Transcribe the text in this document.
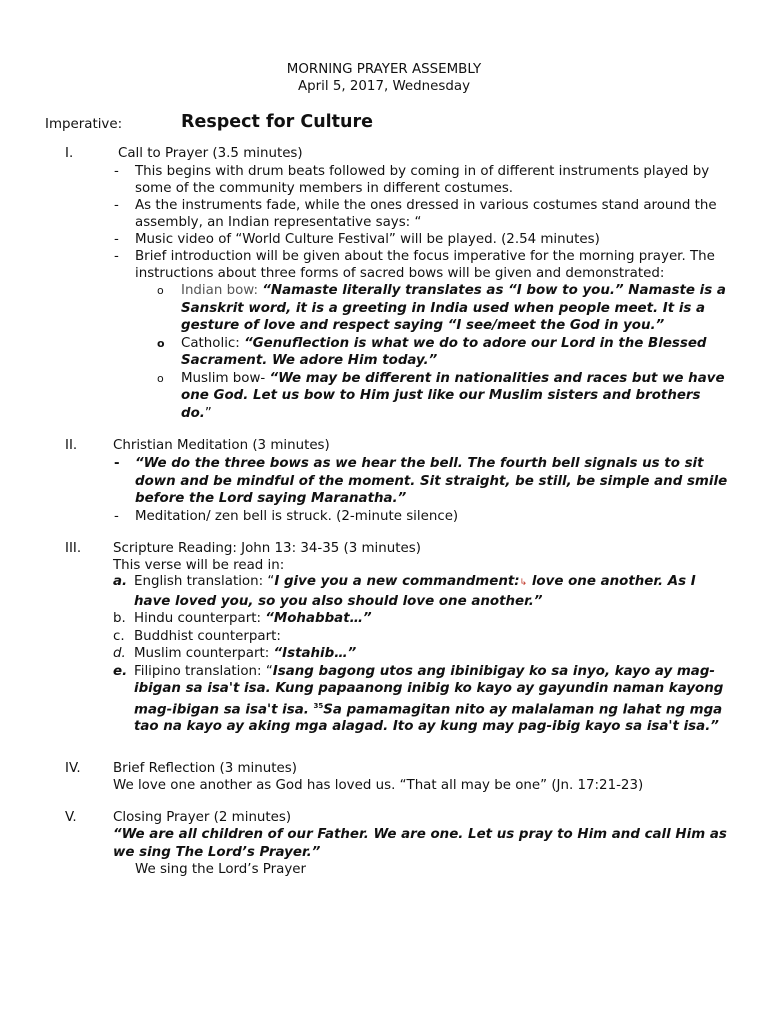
MORNING PRAYER ASSEMBLY
April 5, 2017, Wednesday
Imperative:	Respect for Culture
I.	Call to Prayer (3.5 minutes)
- This begins with drum beats followed by coming in of different instruments played by some of the community members in different costumes.
- As the instruments fade, while the ones dressed in various costumes stand around the assembly, an Indian representative says: “
- Music video of “World Culture Festival” will be played. (2.54 minutes)
- Brief introduction will be given about the focus imperative for the morning prayer. The instructions about three forms of sacred bows will be given and demonstrated:
o Indian bow: “Namaste literally translates as “I bow to you.” Namaste is a Sanskrit word, it is a greeting in India used when people meet. It is a gesture of love and respect saying “I see/meet the God in you.”
o Catholic: “Genuflection is what we do to adore our Lord in the Blessed Sacrament. We adore Him today.”
o Muslim bow- “We may be different in nationalities and races but we have one God. Let us bow to Him just like our Muslim sisters and brothers do.”
II.	Christian Meditation (3 minutes)
- “We do the three bows as we hear the bell. The fourth bell signals us to sit down and be mindful of the moment. Sit straight, be still, be simple and smile before the Lord saying Maranatha.”
- Meditation/ zen bell is struck. (2-minute silence)
III. Scripture Reading: John 13: 34-35 (3 minutes)
This verse will be read in:
a. English translation: “I give you a new commandment:↳ love one another. As I have loved you, so you also should love one another.”
b. Hindu counterpart: “Mohabbat…”
c. Buddhist counterpart:
d. Muslim counterpart: “Istahib…”
e. Filipino translation: “Isang bagong utos ang ibinibigay ko sa inyo, kayo ay mag-ibigan sa isa't isa. Kung papaanong inibig ko kayo ay gayundin naman kayong mag-ibigan sa isa't isa. $^{35}$Sa pamamagitan nito ay malalaman ng lahat ng mga tao na kayo ay aking mga alagad. Ito ay kung may pag-ibig kayo sa isa't isa.”
IV. Brief Reflection (3 minutes)
We love one another as God has loved us. “That all may be one” (Jn. 17:21-23)
V.	Closing Prayer (2 minutes)
“We are all children of our Father. We are one. Let us pray to Him and call Him as we sing The Lord’s Prayer.”
We sing the Lord’s Prayer
